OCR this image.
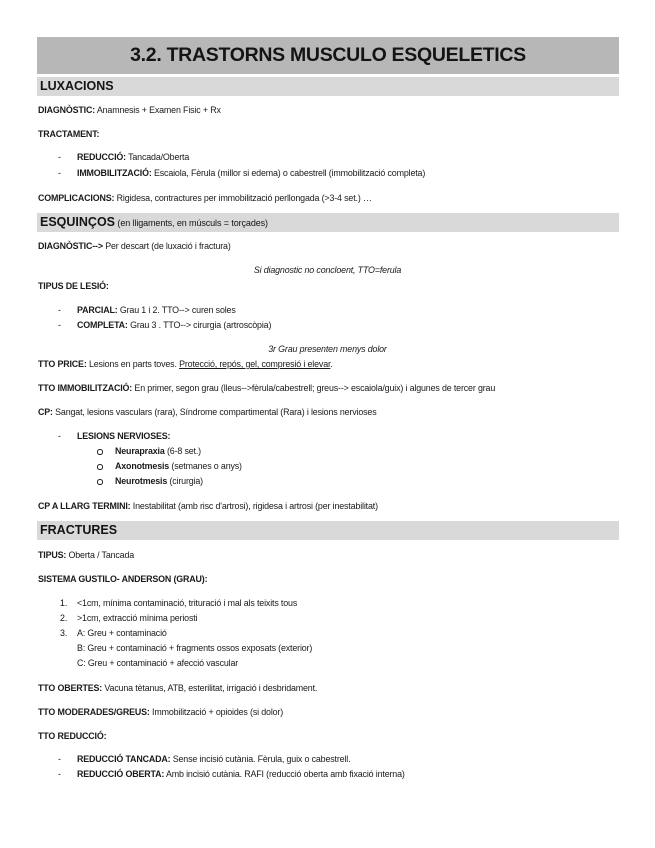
3.2. TRASTORNS MUSCULO ESQUELETICS
LUXACIONS
DIAGNÒSTIC: Anamnesis + Examen Fisic + Rx
TRACTAMENT:
- REDUCCIÓ: Tancada/Oberta
- IMMOBILITZACIÓ: Escaiola, Fèrula (millor si edema) o cabestrell (immobilització completa)
COMPLICACIONS: Rigidesa, contractures per immobilització perllongada (>3-4 set.) …
ESQUINÇOS (en lligaments, en músculs = torçades)
DIAGNÒSTIC--> Per descart (de luxació i fractura)
Si diagnostic no concloent, TTO=ferula
TIPUS DE LESIÓ:
- PARCIAL: Grau 1 i 2. TTO--> curen soles
- COMPLETA: Grau 3 . TTO--> cirurgia (artroscòpia)
3r Grau presenten menys dolor
TTO PRICE: Lesions en parts toves. Protecció, repós, gel, compresió i elevar.
TTO IMMOBILITZACIÓ: En primer, segon grau (lleus-->fèrula/cabestrell; greus--> escaiola/guix) i algunes de tercer grau
CP: Sangat, lesions vasculars (rara), Síndrome compartimental (Rara) i lesions nervioses
- LESIONS NERVIOSES:
Neurapraxia (6-8 set.)
Axonotmesis (setmanes o anys)
Neurotmesis (cirurgia)
CP A LLARG TERMINI: Inestabilitat (amb risc d'artrosi), rigidesa i artrosi (per inestabilitat)
FRACTURES
TIPUS: Oberta / Tancada
SISTEMA GUSTILO- ANDERSON (GRAU):
1. <1cm, mínima contaminació, trituració i mal als teixits tous
2. >1cm, extracció mínima periosti
3. A: Greu + contaminació
B: Greu + contaminació + fragments ossos exposats (exterior)
C: Greu + contaminació + afecció vascular
TTO OBERTES: Vacuna tètanus, ATB, esterilitat, irrigació i desbridament.
TTO MODERADES/GREUS: Immobilització + opioides (si dolor)
TTO REDUCCIÓ:
- REDUCCIÓ TANCADA: Sense incisió cutània. Fèrula, guix o cabestrell.
- REDUCCIÓ OBERTA: Amb incisió cutània. RAFI (reducció oberta amb fixació interna)
